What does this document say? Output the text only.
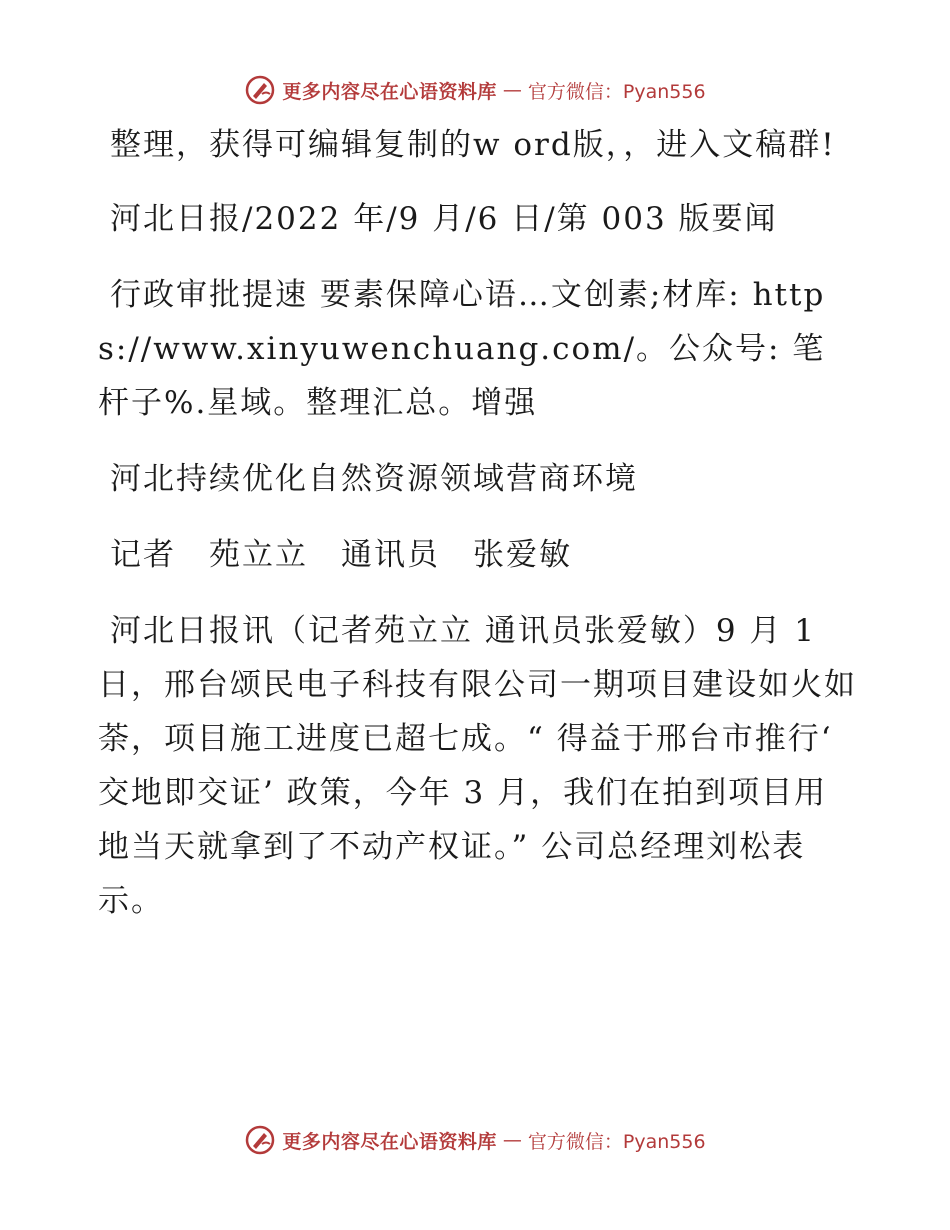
更多内容尽在心语资料库 — 官方微信：Pyan556

整理，获得可编辑复制的w ord版，，进入文稿群!

河北日报/2022 年/9 月/6 日/第 003 版要闻

行政审批提速 要素保障心语…文创素;材库: https://www.xinyuwenchuang.com/。公众号: 笔杆子%.星域。整理汇总。增强

河北持续优化自然资源领域营商环境

记者　苑立立　通讯员　张爱敏

河北日报讯（记者苑立立 通讯员张爱敏）9 月 1 日，邢台颂民电子科技有限公司一期项目建设如火如荼，项目施工进度已超七成。“ 得益于邢台市推行‘ 交地即交证’ 政策，今年 3 月，我们在拍到项目用地当天就拿到了不动产权证。” 公司总经理刘松表示。

更多内容尽在心语资料库 — 官方微信：Pyan556
